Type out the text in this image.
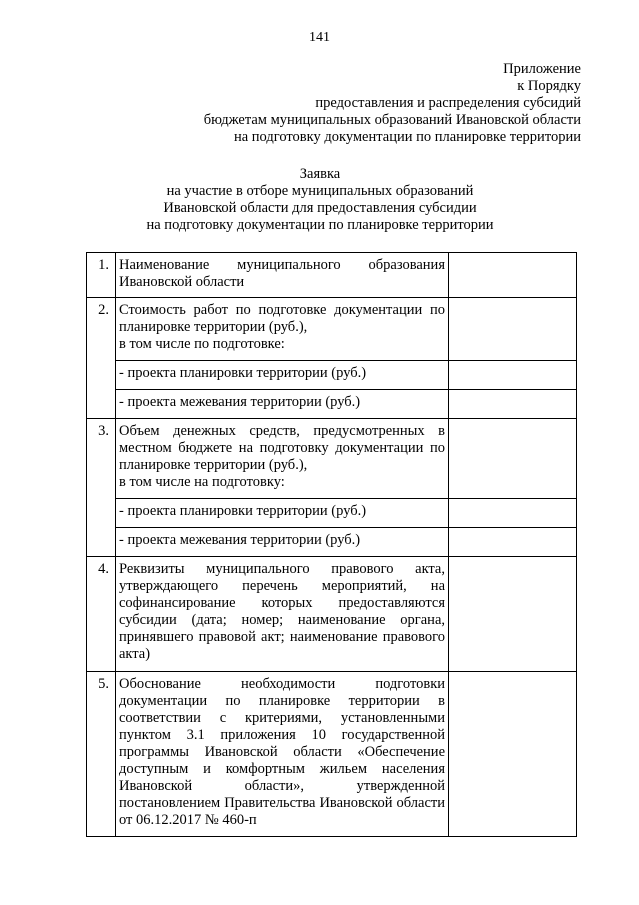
141
Приложение
к Порядку
предоставления и распределения субсидий
бюджетам муниципальных образований Ивановской области
на подготовку документации по планировке территории
Заявка
на участие в отборе муниципальных образований
Ивановской области для предоставления субсидии
на подготовку документации по планировке территории
1.	Наименование муниципального образования Ивановской области	
2.	Стоимость работ по подготовке документации по планировке территории (руб.),
в том числе по подготовке:	
	- проекта планировки территории (руб.)	
	- проекта межевания территории (руб.)	
3.	Объем денежных средств, предусмотренных в местном бюджете на подготовку документации по планировке территории (руб.),
в том числе на подготовку:	
	- проекта планировки территории (руб.)	
	- проекта межевания территории (руб.)	
4.	Реквизиты муниципального правового акта, утверждающего перечень мероприятий, на софинансирование которых предоставляются субсидии (дата; номер; наименование органа, принявшего правовой акт; наименование правового акта)	
5.	Обоснование необходимости подготовки документации по планировке территории в соответствии с критериями, установленными пунктом 3.1 приложения 10 государственной программы Ивановской области «Обеспечение доступным и комфортным жильем населения Ивановской области», утвержденной постановлением Правительства Ивановской области от 06.12.2017 № 460-п	
